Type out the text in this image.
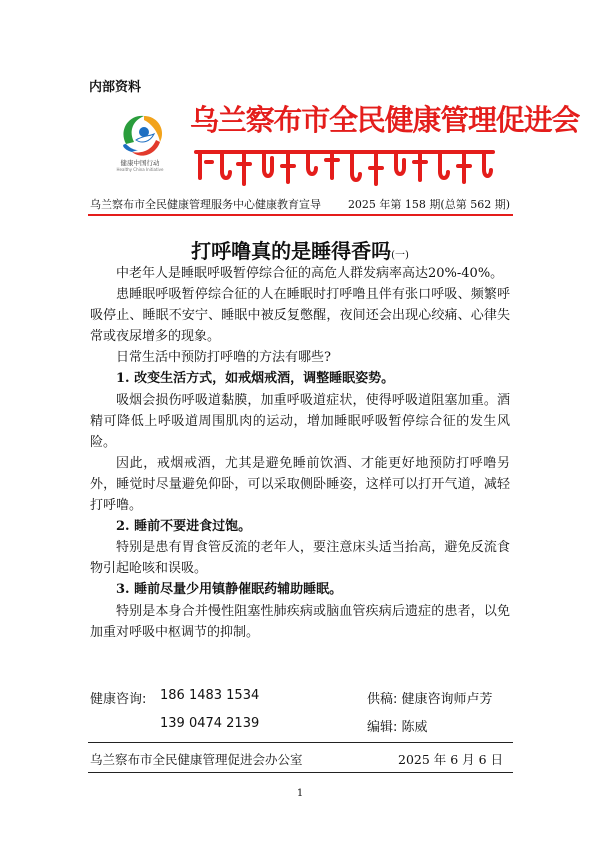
内部资料
健康中国行动
Healthy China Initiative
乌兰察布市全民健康管理促进会
乌兰察布市全民健康管理服务中心健康教育宣导 2025 年第 158 期(总第 562 期)
打呼噜真的是睡得香吗(一)

中老年人是睡眠呼吸暂停综合征的高危人群发病率高达20%-40%。

患睡眠呼吸暂停综合征的人在睡眠时打呼噜且伴有张口呼吸、频繁呼吸停止、睡眠不安宁、睡眠中被反复憋醒，夜间还会出现心绞痛、心律失常或夜尿增多的现象。

日常生活中预防打呼噜的方法有哪些?

1. 改变生活方式，如戒烟戒酒，调整睡眠姿势。

吸烟会损伤呼吸道黏膜，加重呼吸道症状，使得呼吸道阻塞加重。酒精可降低上呼吸道周围肌肉的运动，增加睡眠呼吸暂停综合征的发生风险。

因此，戒烟戒酒，尤其是避免睡前饮酒、才能更好地预防打呼噜另外，睡觉时尽量避免仰卧，可以采取侧卧睡姿，这样可以打开气道，减轻打呼噜。

2. 睡前不要进食过饱。

特别是患有胃食管反流的老年人，要注意床头适当抬高，避免反流食物引起呛咳和误吸。

3. 睡前尽量少用镇静催眠药辅助睡眠。

特别是本身合并慢性阻塞性肺疾病或脑血管疾病后遗症的患者，以免加重对呼吸中枢调节的抑制。

健康咨询: 186 1483 1534
139 0474 2139
供稿: 健康咨询师卢芳
编辑: 陈威
乌兰察布市全民健康管理促进会办公室	2025 年 6 月 6 日
1
